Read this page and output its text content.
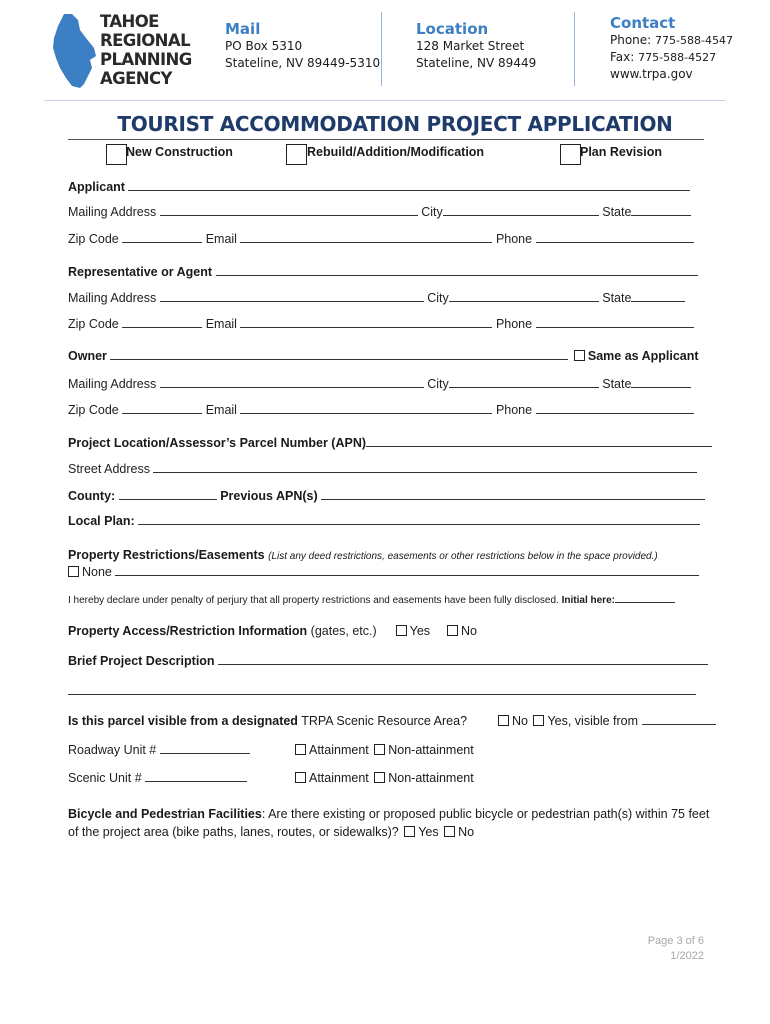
TAHOE
REGIONAL
PLANNING
AGENCY
Mail
PO Box 5310
Stateline, NV 89449-5310
Location
128 Market Street
Stateline, NV 89449
Contact
Phone: 775-588-4547
Fax: 775-588-4527
www.trpa.gov
TOURIST ACCOMMODATION PROJECT APPLICATION
New Construction	Rebuild/Addition/Modification	Plan Revision
Applicant
Mailing Address	City	State
Zip Code	Email	Phone
Representative or Agent
Mailing Address	City	State
Zip Code	Email	Phone
Owner	Same as Applicant
Mailing Address	City	State
Zip Code	Email	Phone
Project Location/Assessor’s Parcel Number (APN)
Street Address
County:	Previous APN(s)
Local Plan:
Property Restrictions/Easements (List any deed restrictions, easements or other restrictions below in the space provided.)
None
I hereby declare under penalty of perjury that all property restrictions and easements have been fully disclosed. Initial here:
Property Access/Restriction Information (gates, etc.)	Yes No
Brief Project Description
Is this parcel visible from a designated TRPA Scenic Resource Area?	No Yes, visible from
Roadway Unit #	Attainment Non-attainment
Scenic Unit #	Attainment Non-attainment
Bicycle and Pedestrian Facilities: Are there existing or proposed public bicycle or pedestrian path(s) within 75 feet
of the project area (bike paths, lanes, routes, or sidewalks)? Yes No
Page 3 of 6
1/2022
